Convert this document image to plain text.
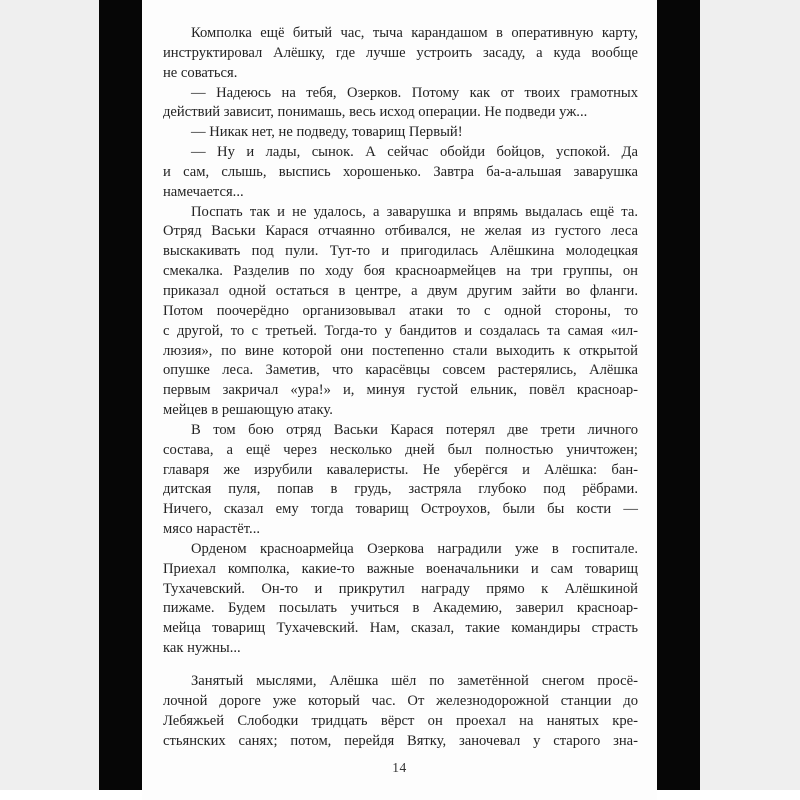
Комполка ещё битый час, тыча карандашом в оперативную карту,
инструктировал Алёшку, где лучше устроить засаду, а куда вообще
не соваться.
— Надеюсь на тебя, Озерков. Потому как от твоих грамотных
действий зависит, понимашь, весь исход операции. Не подведи уж...
— Никак нет, не подведу, товарищ Первый!
— Ну и лады, сынок. А сейчас обойди бойцов, успокой. Да
и сам, слышь, выспись хорошенько. Завтра ба-а-альшая заварушка
намечается...
Поспать так и не удалось, а заварушка и впрямь выдалась ещё та.
Отряд Васьки Карася отчаянно отбивался, не желая из густого леса
выскакивать под пули. Тут-то и пригодилась Алёшкина молодецкая
смекалка. Разделив по ходу боя красноармейцев на три группы, он
приказал одной остаться в центре, а двум другим зайти во фланги.
Потом поочерёдно организовывал атаки то с одной стороны, то
с другой, то с третьей. Тогда-то у бандитов и создалась та самая «ил-
люзия», по вине которой они постепенно стали выходить к открытой
опушке леса. Заметив, что карасёвцы совсем растерялись, Алёшка
первым закричал «ура!» и, минуя густой ельник, повёл красноар-
мейцев в решающую атаку.
В том бою отряд Васьки Карася потерял две трети личного
состава, а ещё через несколько дней был полностью уничтожен;
главаря же изрубили кавалеристы. Не уберёгся и Алёшка: бан-
дитская пуля, попав в грудь, застряла глубоко под рёбрами.
Ничего, сказал ему тогда товарищ Остроухов, были бы кости —
мясо нарастёт...
Орденом красноармейца Озеркова наградили уже в госпитале.
Приехал комполка, какие-то важные военачальники и сам товарищ
Тухачевский. Он-то и прикрутил награду прямо к Алёшкиной
пижаме. Будем посылать учиться в Академию, заверил красноар-
мейца товарищ Тухачевский. Нам, сказал, такие командиры страсть
как нужны...
Занятый мыслями, Алёшка шёл по заметённой снегом просё-
лочной дороге уже который час. От железнодорожной станции до
Лебяжьей Слободки тридцать вёрст он проехал на нанятых кре-
стьянских санях; потом, перейдя Вятку, заночевал у старого зна-
14
